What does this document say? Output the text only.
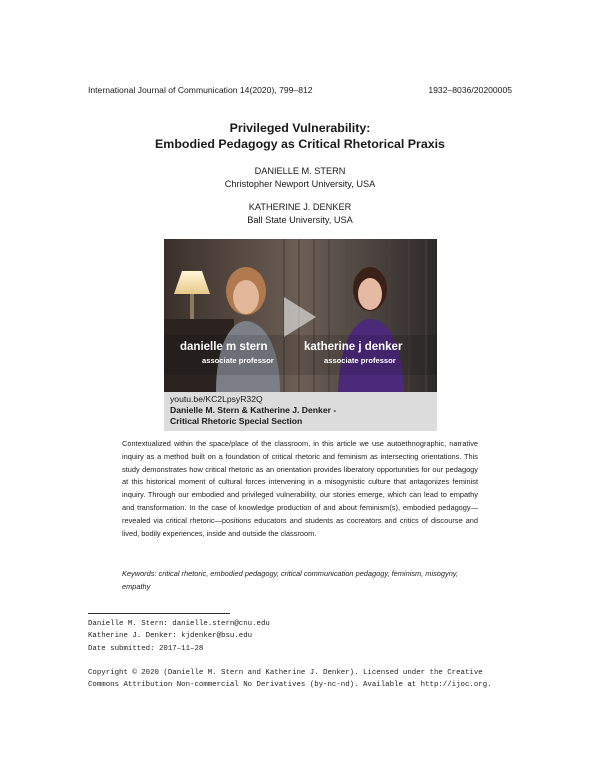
International Journal of Communication 14(2020), 799–812	1932–8036/20200005
Privileged Vulnerability:
Embodied Pedagogy as Critical Rhetorical Praxis
DANIELLE M. STERN
Christopher Newport University, USA
KATHERINE J. DENKER
Ball State University, USA
danielle m stern
associate professor
katherine j denker
associate professor
youtu.be/KC2LpsyR32Q
Danielle M. Stern & Katherine J. Denker -
Critical Rhetoric Special Section
Contextualized within the space/place of the classroom, in this article we use autoethnographic, narrative inquiry as a method built on a foundation of critical rhetoric and feminism as intersecting orientations. This study demonstrates how critical rhetoric as an orientation provides liberatory opportunities for our pedagogy at this historical moment of cultural forces intervening in a misogynistic culture that antagonizes feminist inquiry. Through our embodied and privileged vulnerability, our stories emerge, which can lead to empathy and transformation. In the case of knowledge production of and about feminism(s), embodied pedagogy—revealed via critical rhetoric—positions educators and students as cocreators and critics of discourse and lived, bodily experiences, inside and outside the classroom.
Keywords: critical rhetoric, embodied pedagogy, critical communication pedagogy, feminism, misogyny, empathy
Danielle M. Stern: danielle.stern@cnu.edu
Katherine J. Denker: kjdenker@bsu.edu
Date submitted: 2017–11–28
Copyright © 2020 (Danielle M. Stern and Katherine J. Denker). Licensed under the Creative Commons Attribution Non-commercial No Derivatives (by-nc-nd). Available at http://ijoc.org.
